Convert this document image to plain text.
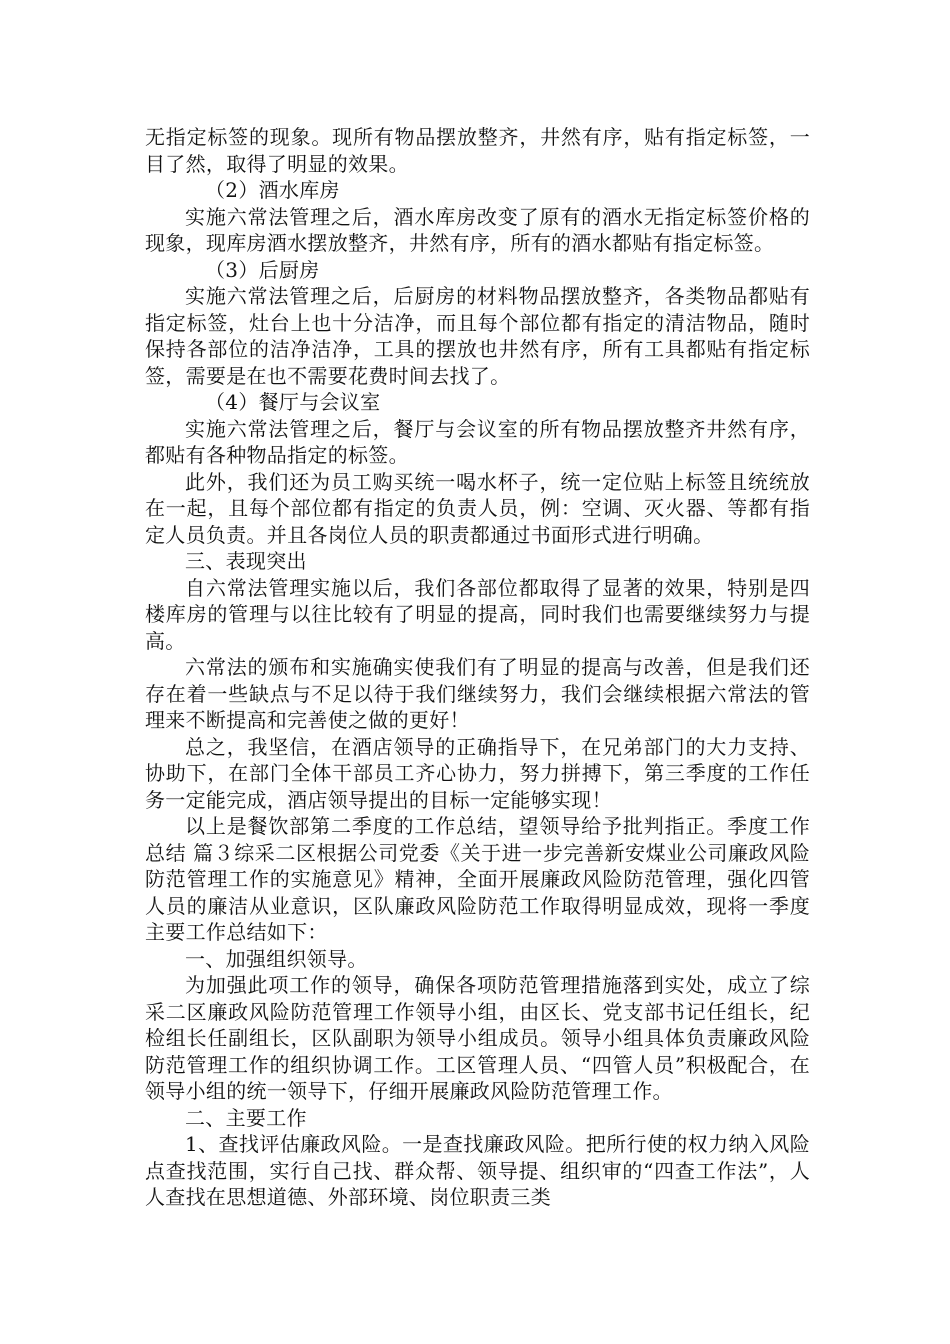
无指定标签的现象。现所有物品摆放整齐，井然有序，贴有指定标签，一目了然，取得了明显的效果。

（2）酒水库房

实施六常法管理之后，酒水库房改变了原有的酒水无指定标签价格的现象，现库房酒水摆放整齐，井然有序，所有的酒水都贴有指定标签。

（3）后厨房

实施六常法管理之后，后厨房的材料物品摆放整齐，各类物品都贴有指定标签，灶台上也十分洁净，而且每个部位都有指定的清洁物品，随时保持各部位的洁净洁净，工具的摆放也井然有序，所有工具都贴有指定标签，需要是在也不需要花费时间去找了。

（4）餐厅与会议室

实施六常法管理之后，餐厅与会议室的所有物品摆放整齐井然有序，都贴有各种物品指定的标签。

此外，我们还为员工购买统一喝水杯子，统一定位贴上标签且统统放在一起，且每个部位都有指定的负责人员，例：空调、灭火器、等都有指定人员负责。并且各岗位人员的职责都通过书面形式进行明确。

三、表现突出

自六常法管理实施以后，我们各部位都取得了显著的效果，特别是四楼库房的管理与以往比较有了明显的提高，同时我们也需要继续努力与提高。

六常法的颁布和实施确实使我们有了明显的提高与改善，但是我们还存在着一些缺点与不足以待于我们继续努力，我们会继续根据六常法的管理来不断提高和完善使之做的更好！

总之，我坚信，在酒店领导的正确指导下，在兄弟部门的大力支持、协助下，在部门全体干部员工齐心协力，努力拼搏下，第三季度的工作任务一定能完成，酒店领导提出的目标一定能够实现！

以上是餐饮部第二季度的工作总结，望领导给予批判指正。季度工作总结 篇３综采二区根据公司党委《关于进一步完善新安煤业公司廉政风险防范管理工作的实施意见》精神，全面开展廉政风险防范管理，强化四管人员的廉洁从业意识，区队廉政风险防范工作取得明显成效，现将一季度主要工作总结如下：

一、加强组织领导。

为加强此项工作的领导，确保各项防范管理措施落到实处，成立了综采二区廉政风险防范管理工作领导小组，由区长、党支部书记任组长，纪检组长任副组长，区队副职为领导小组成员。领导小组具体负责廉政风险防范管理工作的组织协调工作。工区管理人员、“四管人员”积极配合，在领导小组的统一领导下，仔细开展廉政风险防范管理工作。

二、主要工作

1、查找评估廉政风险。一是查找廉政风险。把所行使的权力纳入风险点查找范围，实行自己找、群众帮、领导提、组织审的“四查工作法”，人人查找在思想道德、外部环境、岗位职责三类
